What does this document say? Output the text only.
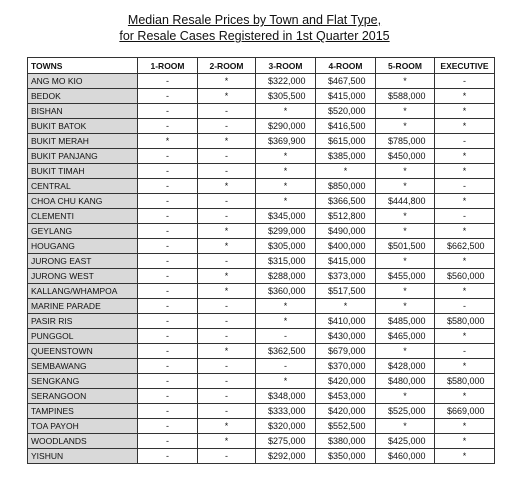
Median Resale Prices by Town and Flat Type,
for Resale Cases Registered in 1st Quarter 2015
TOWNS	1-ROOM	2-ROOM	3-ROOM	4-ROOM	5-ROOM	EXECUTIVE
ANG MO KIO	-	*	$322,000	$467,500	*	-
BEDOK	-	*	$305,500	$415,000	$588,000	*
BISHAN	-	-	*	$520,000	*	*
BUKIT BATOK	-	-	$290,000	$416,500	*	*
BUKIT MERAH	*	*	$369,900	$615,000	$785,000	-
BUKIT PANJANG	-	-	*	$385,000	$450,000	*
BUKIT TIMAH	-	-	*	*	*	*
CENTRAL	-	*	*	$850,000	*	-
CHOA CHU KANG	-	-	*	$366,500	$444,800	*
CLEMENTI	-	-	$345,000	$512,800	*	-
GEYLANG	-	*	$299,000	$490,000	*	*
HOUGANG	-	*	$305,000	$400,000	$501,500	$662,500
JURONG EAST	-	-	$315,000	$415,000	*	*
JURONG WEST	-	*	$288,000	$373,000	$455,000	$560,000
KALLANG/WHAMPOA	-	*	$360,000	$517,500	*	*
MARINE PARADE	-	-	*	*	*	-
PASIR RIS	-	-	*	$410,000	$485,000	$580,000
PUNGGOL	-	-	-	$430,000	$465,000	*
QUEENSTOWN	-	*	$362,500	$679,000	*	-
SEMBAWANG	-	-	-	$370,000	$428,000	*
SENGKANG	-	-	*	$420,000	$480,000	$580,000
SERANGOON	-	-	$348,000	$453,000	*	*
TAMPINES	-	-	$333,000	$420,000	$525,000	$669,000
TOA PAYOH	-	*	$320,000	$552,500	*	*
WOODLANDS	-	*	$275,000	$380,000	$425,000	*
YISHUN	-	-	$292,000	$350,000	$460,000	*
